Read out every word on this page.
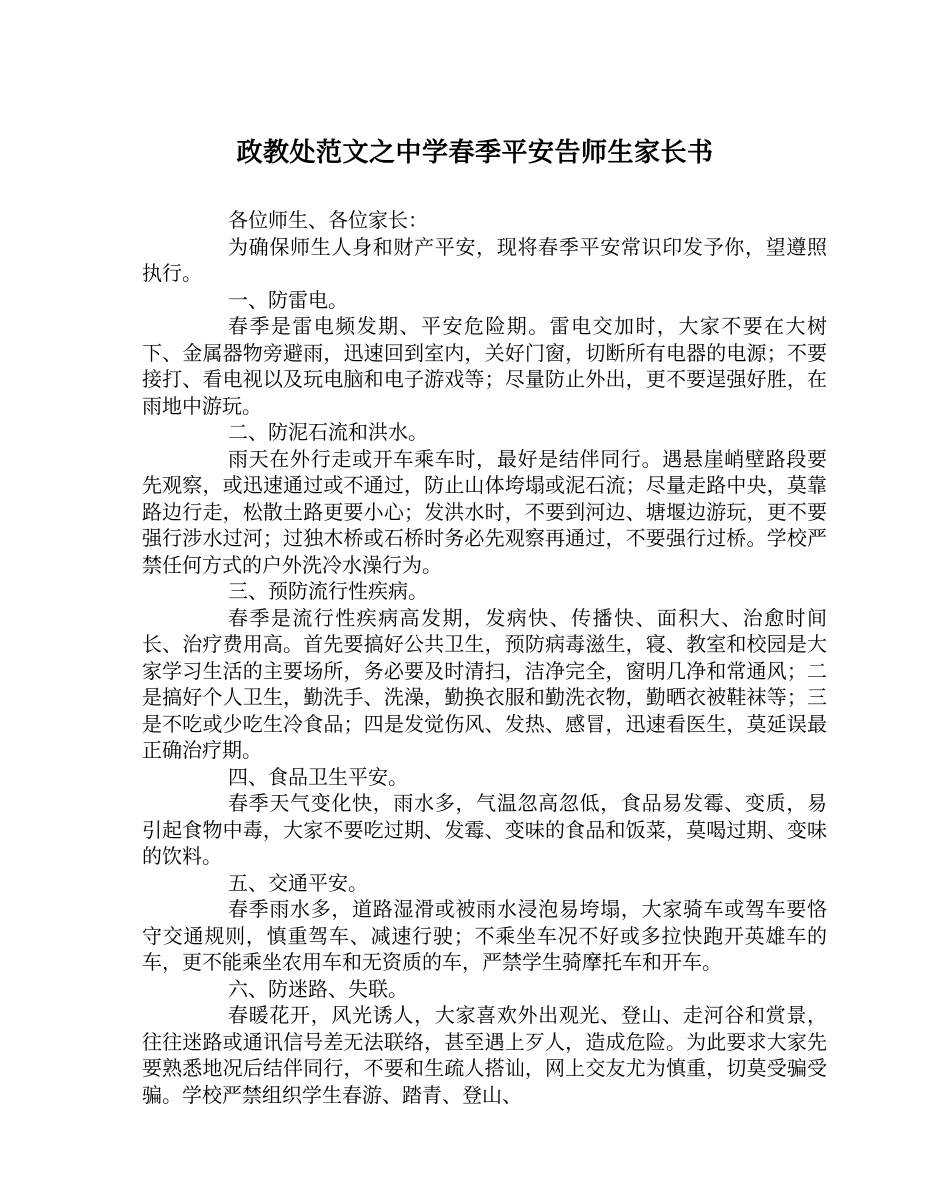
政教处范文之中学春季平安告师生家长书

各位师生、各位家长：

为确保师生人身和财产平安，现将春季平安常识印发予你，望遵照执行。

一、防雷电。

春季是雷电频发期、平安危险期。雷电交加时，大家不要在大树下、金属器物旁避雨，迅速回到室内，关好门窗，切断所有电器的电源；不要接打、看电视以及玩电脑和电子游戏等；尽量防止外出，更不要逞强好胜，在雨地中游玩。

二、防泥石流和洪水。

雨天在外行走或开车乘车时，最好是结伴同行。遇悬崖峭壁路段要先观察，或迅速通过或不通过，防止山体垮塌或泥石流；尽量走路中央，莫靠路边行走，松散土路更要小心；发洪水时，不要到河边、塘堰边游玩，更不要强行涉水过河；过独木桥或石桥时务必先观察再通过，不要强行过桥。学校严禁任何方式的户外洗冷水澡行为。

三、预防流行性疾病。

春季是流行性疾病高发期，发病快、传播快、面积大、治愈时间长、治疗费用高。首先要搞好公共卫生，预防病毒滋生，寝、教室和校园是大家学习生活的主要场所，务必要及时清扫，洁净完全，窗明几净和常通风；二是搞好个人卫生，勤洗手、洗澡，勤换衣服和勤洗衣物，勤晒衣被鞋袜等；三是不吃或少吃生冷食品；四是发觉伤风、发热、感冒，迅速看医生，莫延误最正确治疗期。

四、食品卫生平安。

春季天气变化快，雨水多，气温忽高忽低，食品易发霉、变质，易引起食物中毒，大家不要吃过期、发霉、变味的食品和饭菜，莫喝过期、变味的饮料。

五、交通平安。

春季雨水多，道路湿滑或被雨水浸泡易垮塌，大家骑车或驾车要恪守交通规则，慎重驾车、减速行驶；不乘坐车况不好或多拉快跑开英雄车的车，更不能乘坐农用车和无资质的车，严禁学生骑摩托车和开车。

六、防迷路、失联。

春暖花开，风光诱人，大家喜欢外出观光、登山、走河谷和赏景，往往迷路或通讯信号差无法联络，甚至遇上歹人，造成危险。为此要求大家先要熟悉地况后结伴同行，不要和生疏人搭讪，网上交友尤为慎重，切莫受骗受骗。学校严禁组织学生春游、踏青、登山、
